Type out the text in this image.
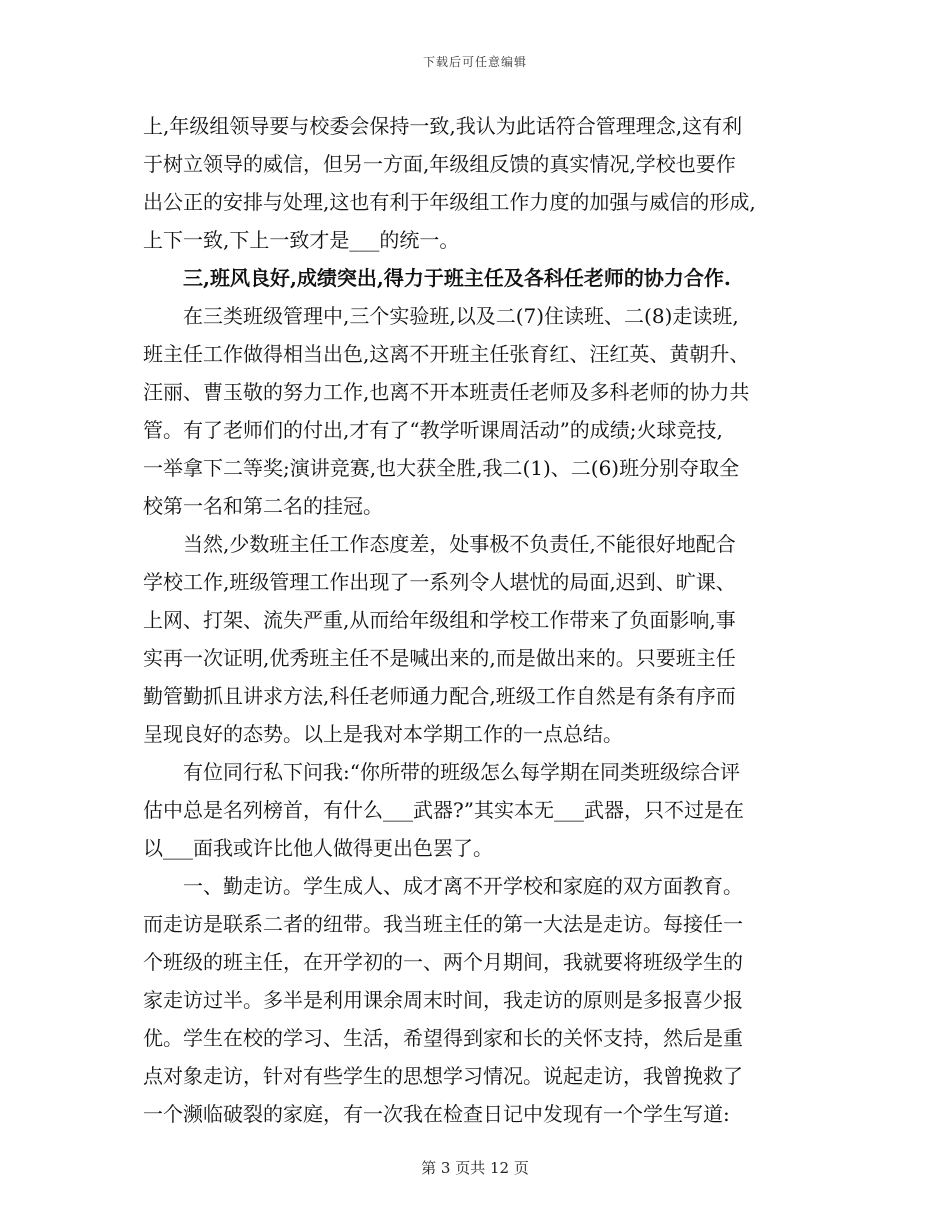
下载后可任意编辑
上,年级组领导要与校委会保持一致,我认为此话符合管理理念,这有利
于树立领导的威信，但另一方面,年级组反馈的真实情况,学校也要作
出公正的安排与处理,这也有利于年级组工作力度的加强与威信的形成,
上下一致,下上一致才是___的统一。
三,班风良好,成绩突出,得力于班主任及各科任老师的协力合作.
在三类班级管理中,三个实验班,以及二(7)住读班、二(8)走读班,
班主任工作做得相当出色,这离不开班主任张育红、汪红英、黄朝升、
汪丽、曹玉敬的努力工作,也离不开本班责任老师及多科老师的协力共
管。有了老师们的付出,才有了“教学听课周活动”的成绩;火球竞技,
一举拿下二等奖;演讲竞赛,也大获全胜,我二(1)、二(6)班分别夺取全
校第一名和第二名的挂冠。
当然,少数班主任工作态度差，处事极不负责任,不能很好地配合
学校工作,班级管理工作出现了一系列令人堪忧的局面,迟到、旷课、
上网、打架、流失严重,从而给年级组和学校工作带来了负面影响,事
实再一次证明,优秀班主任不是喊出来的,而是做出来的。只要班主任
勤管勤抓且讲求方法,科任老师通力配合,班级工作自然是有条有序而
呈现良好的态势。以上是我对本学期工作的一点总结。
有位同行私下问我:“你所带的班级怎么每学期在同类班级综合评
估中总是名列榜首，有什么___武器?”其实本无___武器，只不过是在
以___面我或许比他人做得更出色罢了。
一、勤走访。学生成人、成才离不开学校和家庭的双方面教育。
而走访是联系二者的纽带。我当班主任的第一大法是走访。每接任一
个班级的班主任，在开学初的一、两个月期间，我就要将班级学生的
家走访过半。多半是利用课余周末时间，我走访的原则是多报喜少报
优。学生在校的学习、生活，希望得到家和长的关怀支持，然后是重
点对象走访，针对有些学生的思想学习情况。说起走访，我曾挽救了
一个濒临破裂的家庭，有一次我在检查日记中发现有一个学生写道:
第 3 页共 12 页
